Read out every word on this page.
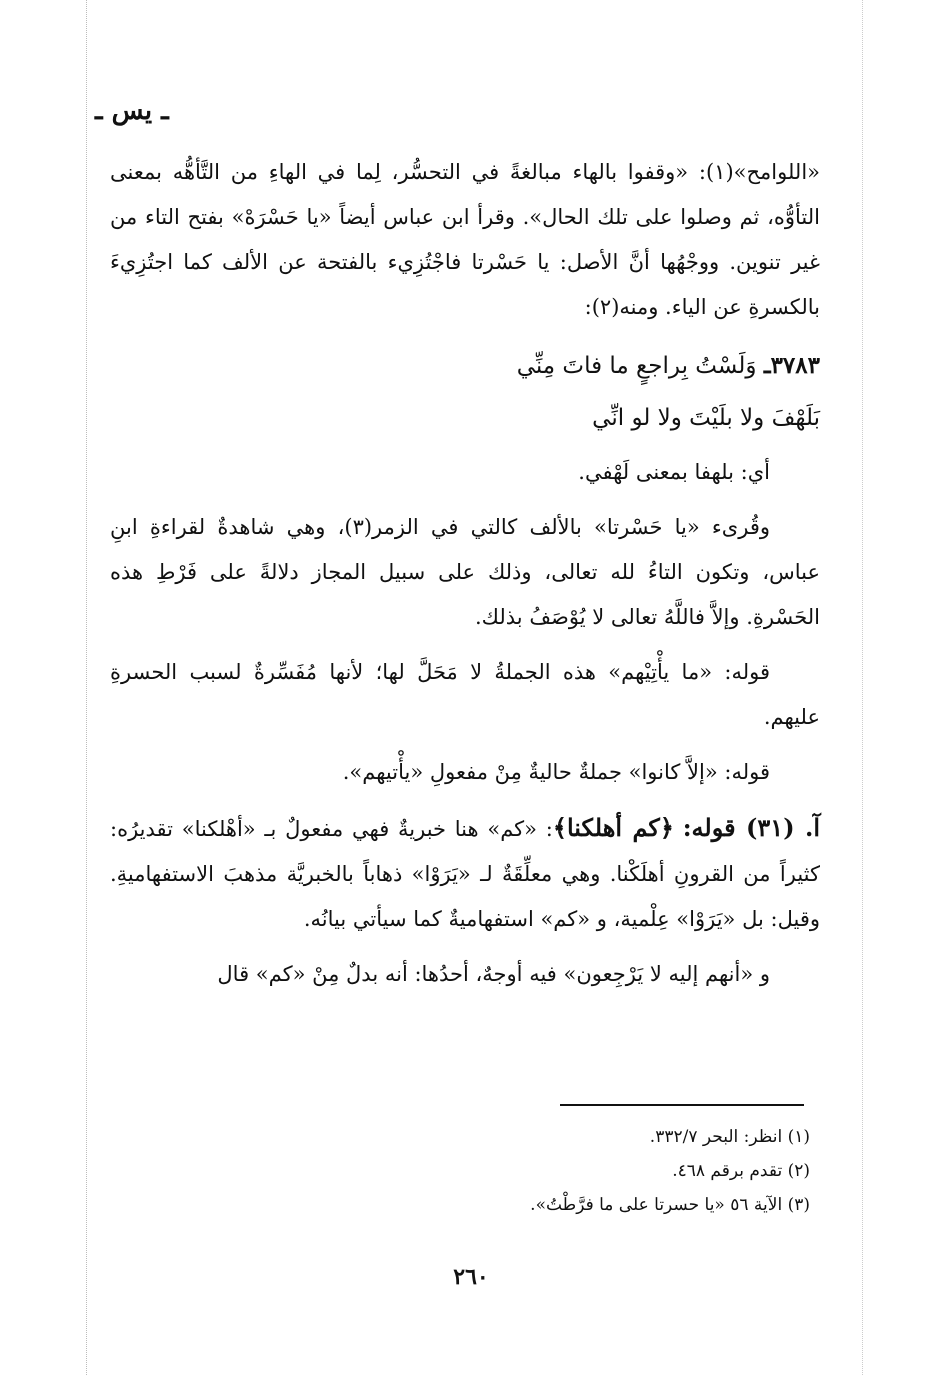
ـ يس ـ

«اللوامح»(١): «وقفوا بالهاء مبالغةً في التحسُّر، لِما في الهاءِ من التَّأهُّه بمعنى التأوُّه، ثم وصلوا على تلك الحال». وقرأ ابن عباس أيضاً «يا حَسْرَهْ» بفتح التاء من غير تنوين. ووجْهُها أنَّ الأصل: يا حَسْرتا فاجْتُزِيء بالفتحة عن الألف كما اجتُزِيءَ بالكسرةِ عن الياء. ومنه(٢):

٣٧٨٣ـ وَلَسْتُ بِراجعٍ ما فاتَ مِنِّي
بَلَهْفَ ولا بلَيْتَ ولا لو انِّي

أي: بلهفا بمعنى لَهْفي.

وقُرىء «يا حَسْرتا» بالألف كالتي في الزمر(٣)، وهي شاهدةٌ لقراءةِ ابنِ عباس، وتكون التاءُ لله تعالى، وذلك على سبيل المجاز دلالةً على فَرْطِ هذه الحَسْرةِ. وإلاَّ فاللَّهُ تعالى لا يُوْصَفُ بذلك.

قوله: «ما يأْتِيْهم» هذه الجملةُ لا مَحَلَّ لها؛ لأنها مُفَسِّرةٌ لسبب الحسرةِ عليهم.

قوله: «إلاَّ كانوا» جملةٌ حاليةٌ مِنْ مفعولِ «يأْتيهم».

آ. (٣١) قوله: ﴿كم أهلكنا﴾: «كم» هنا خبريةٌ فهي مفعولٌ بـ «أهْلكنا» تقديرُه: كثيراً من القرونِ أهلَكْنا. وهي معلِّقَةٌ لـ «يَرَوْا» ذهاباً بالخبريَّة مذهبَ الاستفهاميةِ. وقيل: بل «يَرَوْا» عِلْمية، و «كم» استفهاميةٌ كما سيأتي بيانُه.

و «أنهم إليه لا يَرْجِعون» فيه أوجهٌ، أحدُها: أنه بدلٌ مِنْ «كم» قال

(١) انظر: البحر ٣٣٢/٧.
(٢) تقدم برقم ٤٦٨.
(٣) الآية ٥٦ «يا حسرتا على ما فرَّطْتُ».
٢٦٠
